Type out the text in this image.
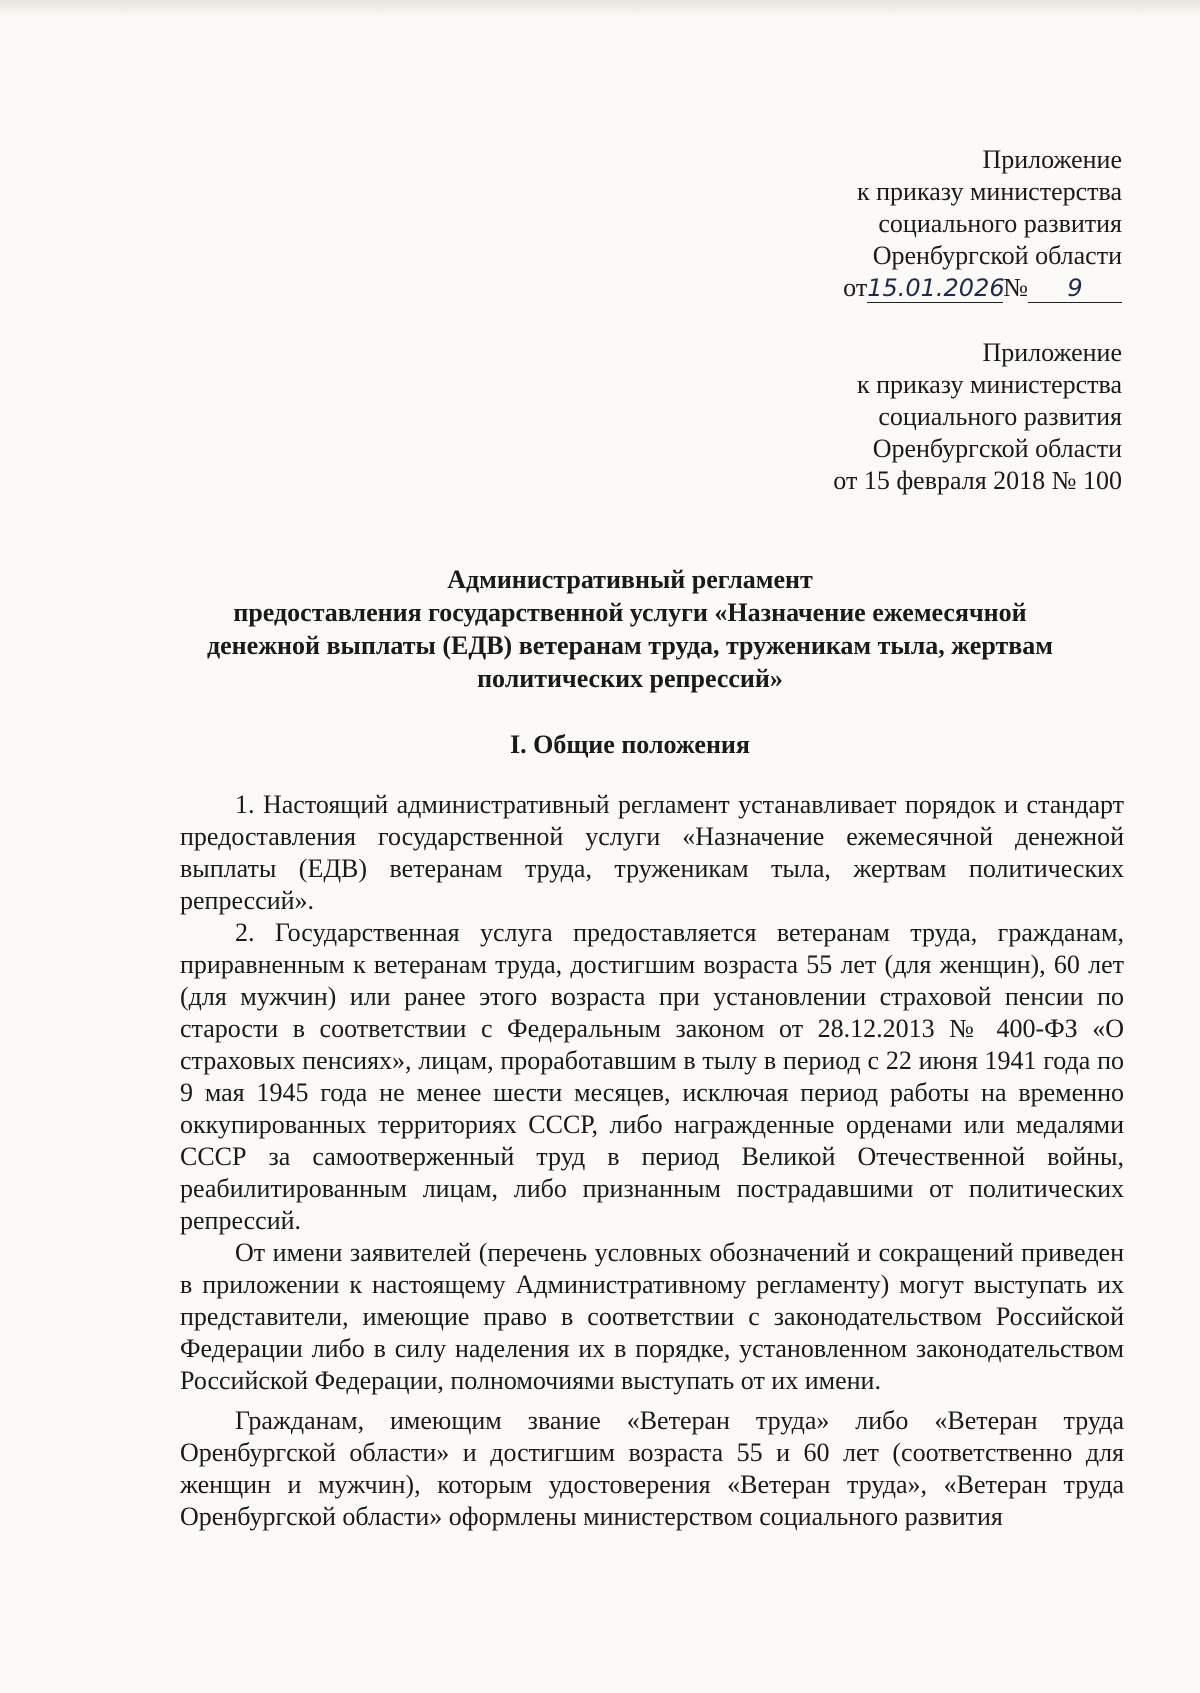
Приложение
к приказу министерства
социального развития
Оренбургской области
от15.01.2026№ 9
Приложение
к приказу министерства
социального развития
Оренбургской области
от 15 февраля 2018 № 100
Административный регламент
предоставления государственной услуги «Назначение ежемесячной
денежной выплаты (ЕДВ) ветеранам труда, труженикам тыла, жертвам
политических репрессий»
I. Общие положения

1. Настоящий административный регламент устанавливает порядок и стандарт предоставления государственной услуги «Назначение ежемесячной денежной выплаты (ЕДВ) ветеранам труда, труженикам тыла, жертвам политических репрессий».

2. Государственная услуга предоставляется ветеранам труда, гражданам, приравненным к ветеранам труда, достигшим возраста 55 лет (для женщин), 60 лет (для мужчин) или ранее этого возраста при установлении страховой пенсии по старости в соответствии с Федеральным законом от 28.12.2013 № 400-ФЗ «О страховых пенсиях», лицам, проработавшим в тылу в период с 22 июня 1941 года по 9 мая 1945 года не менее шести месяцев, исключая период работы на временно оккупированных территориях СССР, либо награжденные орденами или медалями СССР за самоотверженный труд в период Великой Отечественной войны, реабилитированным лицам, либо признанным пострадавшими от политических репрессий.

От имени заявителей (перечень условных обозначений и сокращений приведен в приложении к настоящему Административному регламенту) могут выступать их представители, имеющие право в соответствии с законодательством Российской Федерации либо в силу наделения их в порядке, установленном законодательством Российской Федерации, полномочиями выступать от их имени.

Гражданам, имеющим звание «Ветеран труда» либо «Ветеран труда Оренбургской области» и достигшим возраста 55 и 60 лет (соответственно для женщин и мужчин), которым удостоверения «Ветеран труда», «Ветеран труда Оренбургской области» оформлены министерством социального развития
